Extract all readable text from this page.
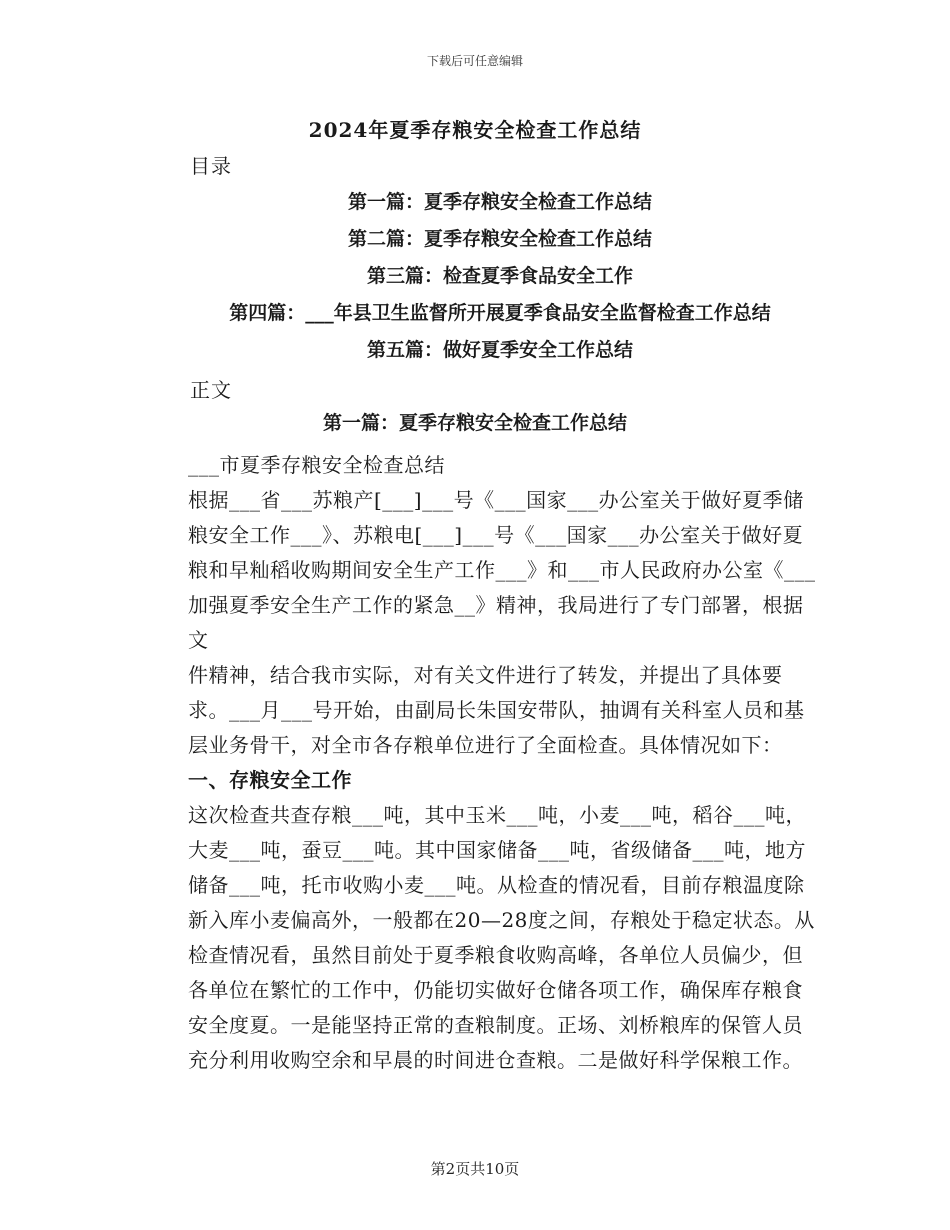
下载后可任意编辑
2024年夏季存粮安全检查工作总结
目录
第一篇：夏季存粮安全检查工作总结
第二篇：夏季存粮安全检查工作总结
第三篇：检查夏季食品安全工作
第四篇：___年县卫生监督所开展夏季食品安全监督检查工作总结
第五篇：做好夏季安全工作总结
正文
第一篇：夏季存粮安全检查工作总结

___市夏季存粮安全检查总结

根据___省___苏粮产[___]___号《___国家___办公室关于做好夏季储粮安全工作___》、苏粮电[___]___号《___国家___办公室关于做好夏粮和早籼稻收购期间安全生产工作___》和___市人民政府办公室《___加强夏季安全生产工作的紧急__》精神，我局进行了专门部署，根据文

件精神，结合我市实际，对有关文件进行了转发，并提出了具体要求。___月___号开始，由副局长朱国安带队，抽调有关科室人员和基层业务骨干，对全市各存粮单位进行了全面检查。具体情况如下：

一、存粮安全工作

这次检查共查存粮___吨，其中玉米___吨，小麦___吨，稻谷___吨，大麦___吨，蚕豆___吨。其中国家储备___吨，省级储备___吨，地方储备___吨，托市收购小麦___吨。从检查的情况看，目前存粮温度除新入库小麦偏高外，一般都在20—28度之间，存粮处于稳定状态。从检查情况看，虽然目前处于夏季粮食收购高峰，各单位人员偏少，但各单位在繁忙的工作中，仍能切实做好仓储各项工作，确保库存粮食安全度夏。一是能坚持正常的查粮制度。正场、刘桥粮库的保管人员充分利用收购空余和早晨的时间进仓查粮。二是做好科学保粮工作。

第2页共10页
